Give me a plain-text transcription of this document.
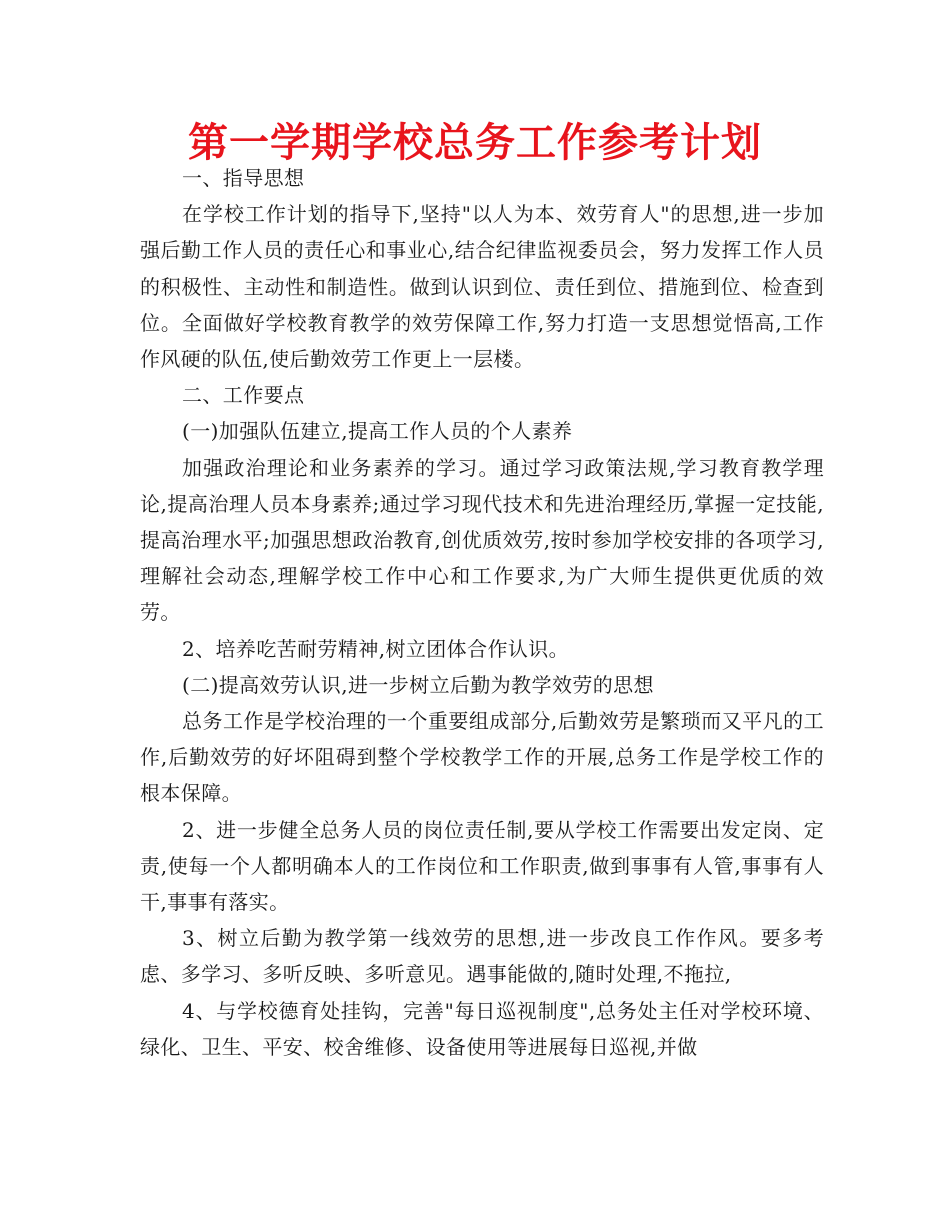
第一学期学校总务工作参考计划

一、指导思想

在学校工作计划的指导下,坚持"以人为本、效劳育人"的思想,进一步加强后勤工作人员的责任心和事业心,结合纪律监视委员会，努力发挥工作人员的积极性、主动性和制造性。做到认识到位、责任到位、措施到位、检查到位。全面做好学校教育教学的效劳保障工作,努力打造一支思想觉悟高,工作作风硬的队伍,使后勤效劳工作更上一层楼。

二、工作要点

(一)加强队伍建立,提高工作人员的个人素养

加强政治理论和业务素养的学习。通过学习政策法规,学习教育教学理论,提高治理人员本身素养;通过学习现代技术和先进治理经历,掌握一定技能,提高治理水平;加强思想政治教育,创优质效劳,按时参加学校安排的各项学习,理解社会动态,理解学校工作中心和工作要求,为广大师生提供更优质的效劳。

2、培养吃苦耐劳精神,树立团体合作认识。

(二)提高效劳认识,进一步树立后勤为教学效劳的思想

总务工作是学校治理的一个重要组成部分,后勤效劳是繁琐而又平凡的工作,后勤效劳的好坏阻碍到整个学校教学工作的开展,总务工作是学校工作的根本保障。

2、进一步健全总务人员的岗位责任制,要从学校工作需要出发定岗、定责,使每一个人都明确本人的工作岗位和工作职责,做到事事有人管,事事有人干,事事有落实。

3、树立后勤为教学第一线效劳的思想,进一步改良工作作风。要多考虑、多学习、多听反映、多听意见。遇事能做的,随时处理,不拖拉,

4、与学校德育处挂钩，完善"每日巡视制度",总务处主任对学校环境、绿化、卫生、平安、校舍维修、设备使用等进展每日巡视,并做
